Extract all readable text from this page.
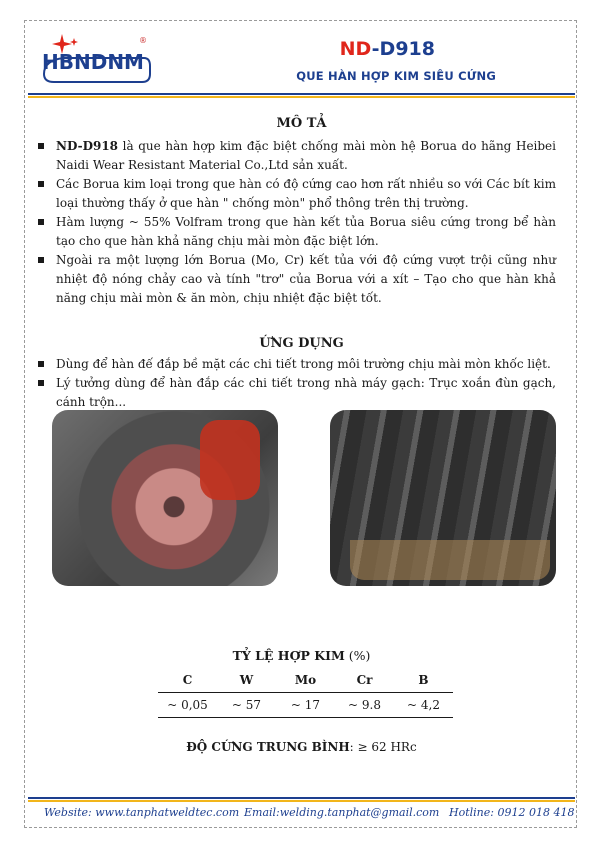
HBNDNM
®	ND-D918
QUE HÀN HỢP KIM SIÊU CỨNG
MÔ TẢ
ND-D918 là que hàn hợp kim đặc biệt chống mài mòn hệ Borua do hãng Heibei Naidi Wear Resistant Material Co.,Ltd sản xuất.
Các Borua kim loại trong que hàn có độ cứng cao hơn rất nhiều so với Các bít kim loại thường thấy ở que hàn " chống mòn" phổ thông trên thị trường.
Hàm lượng ~ 55% Volfram trong que hàn kết tủa Borua siêu cứng trong bể hàn tạo cho que hàn khả năng chịu mài mòn đặc biệt lớn.
Ngoài ra một lượng lớn Borua (Mo, Cr) kết tủa với độ cứng vượt trội cũng như nhiệt độ nóng chảy cao và tính "trơ" của Borua với a xít – Tạo cho que hàn khả năng chịu mài mòn & ăn mòn, chịu nhiệt đặc biệt tốt.
ỨNG DỤNG
Dùng để hàn đế đắp bề mặt các chi tiết trong môi trường chịu mài mòn khốc liệt.
Lý tưởng dùng để hàn đắp các chi tiết trong nhà máy gạch: Trục xoắn đùn gạch, cánh trộn...
TỶ LỆ HỢP KIM (%)
C	W	Mo	Cr	B
~ 0,05	~ 57	~ 17	~ 9.8	~ 4,2
ĐỘ CỨNG TRUNG BÌNH: ≥ 62 HRc
Website: www.tanphatweldtec.com Email:welding.tanphat@gmail.com Hotline: 0912 018 418
